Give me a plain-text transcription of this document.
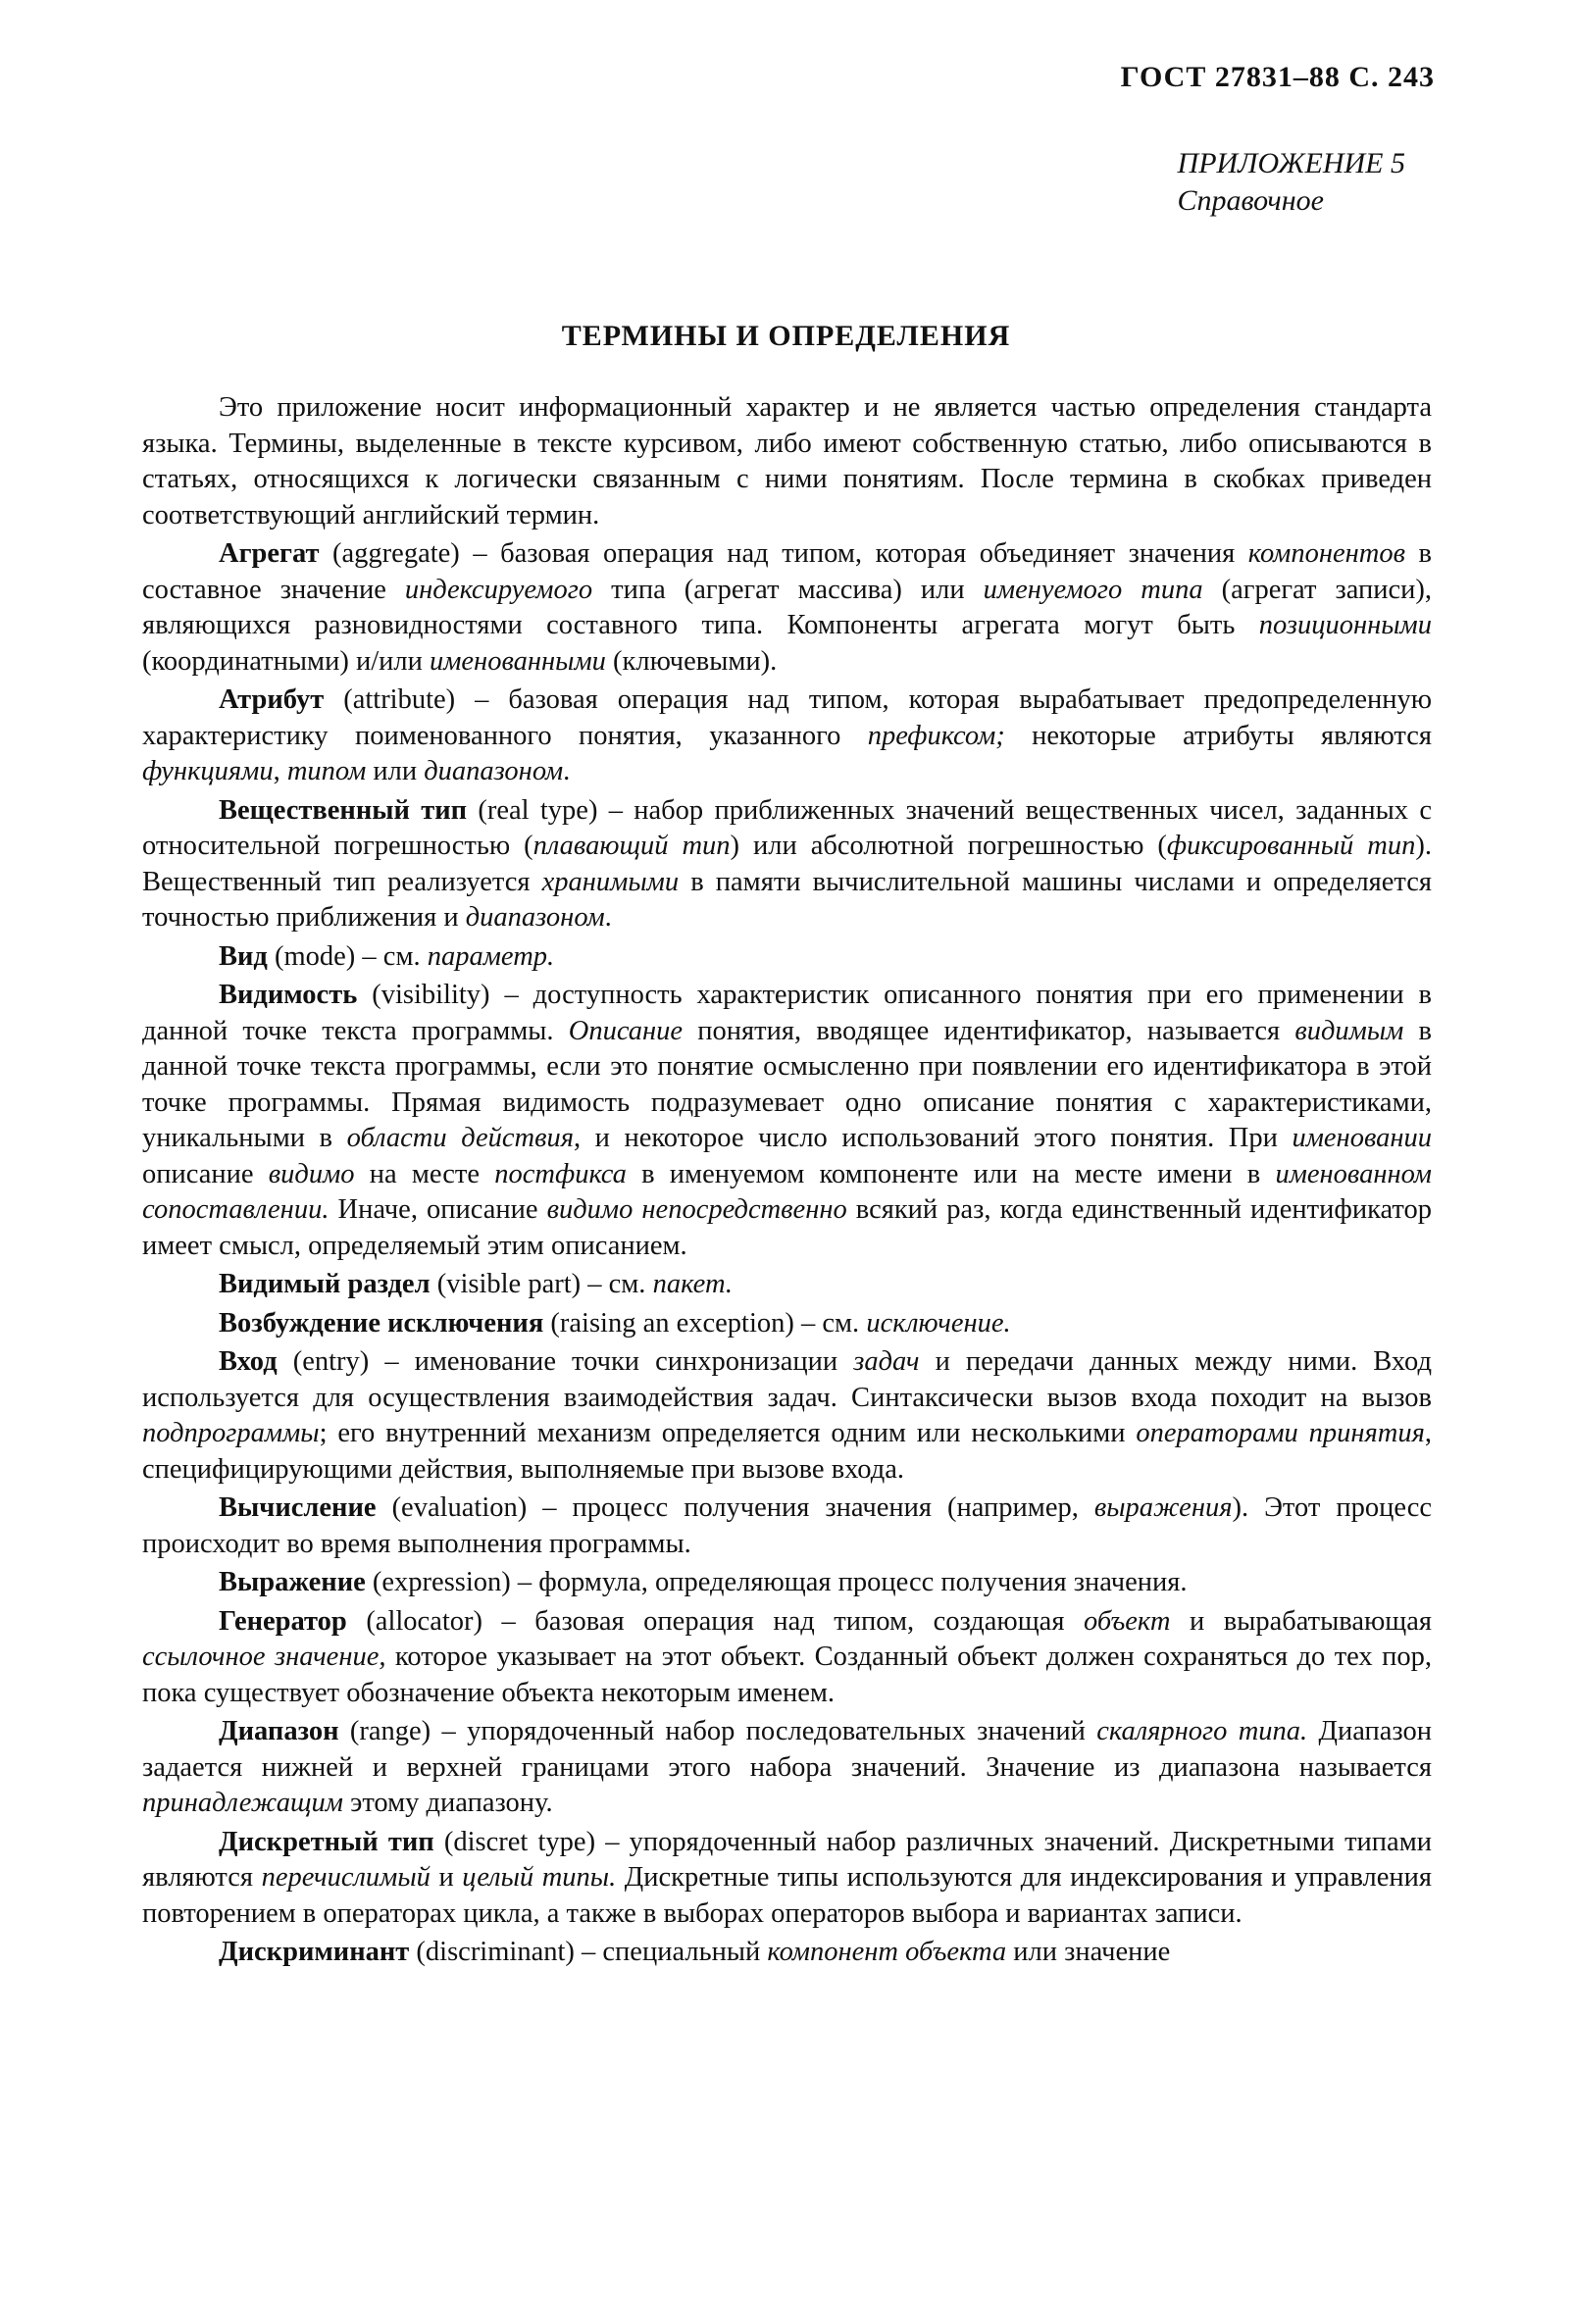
ГОСТ 27831–88 С. 243
ПРИЛОЖЕНИЕ 5
Справочное
ТЕРМИНЫ И ОПРЕДЕЛЕНИЯ

Это приложение носит информационный характер и не является частью определения стандарта языка. Термины, выделенные в тексте курсивом, либо имеют собственную статью, либо описываются в статьях, относящихся к логически связанным с ними понятиям. После термина в скобках приведен соответствующий английский термин.

Агрегат (aggregate) – базовая операция над типом, которая объединяет значения компонентов в составное значение индексируемого типа (агрегат массива) или именуемого типа (агрегат записи), являющихся разновидностями составного типа. Компоненты агрегата могут быть позиционными (координатными) и/или именованными (ключевыми).

Атрибут (attribute) – базовая операция над типом, которая вырабатывает предопределенную характеристику поименованного понятия, указанного префиксом; некоторые атрибуты являются функциями, типом или диапазоном.

Вещественный тип (real type) – набор приближенных значений вещественных чисел, заданных с относительной погрешностью (плавающий тип) или абсолютной погрешностью (фиксированный тип). Вещественный тип реализуется хранимыми в памяти вычислительной машины числами и определяется точностью приближения и диапазоном.

Вид (mode) – см. параметр.

Видимость (visibility) – доступность характеристик описанного понятия при его применении в данной точке текста программы. Описание понятия, вводящее идентификатор, называется видимым в данной точке текста программы, если это понятие осмысленно при появлении его идентификатора в этой точке программы. Прямая видимость подразумевает одно описание понятия с характеристиками, уникальными в области действия, и некоторое число использований этого понятия. При именовании описание видимо на месте постфикса в именуемом компоненте или на месте имени в именованном сопоставлении. Иначе, описание видимо непосредственно всякий раз, когда единственный идентификатор имеет смысл, определяемый этим описанием.

Видимый раздел (visible part) – см. пакет.

Возбуждение исключения (raising an exception) – см. исключение.

Вход (entry) – именование точки синхронизации задач и передачи данных между ними. Вход используется для осуществления взаимодействия задач. Синтаксически вызов входа походит на вызов подпрограммы; его внутренний механизм определяется одним или несколькими операторами принятия, специфицирующими действия, выполняемые при вызове входа.

Вычисление (evaluation) – процесс получения значения (например, выражения). Этот процесс происходит во время выполнения программы.

Выражение (expression) – формула, определяющая процесс получения значения.

Генератор (allocator) – базовая операция над типом, создающая объект и вырабатывающая ссылочное значение, которое указывает на этот объект. Созданный объект должен сохраняться до тех пор, пока существует обозначение объекта некоторым именем.

Диапазон (range) – упорядоченный набор последовательных значений скалярного типа. Диапазон задается нижней и верхней границами этого набора значений. Значение из диапазона называется принадлежащим этому диапазону.

Дискретный тип (discret type) – упорядоченный набор различных значений. Дискретными типами являются перечислимый и целый типы. Дискретные типы используются для индексирования и управления повторением в операторах цикла, а также в выборах операторов выбора и вариантах записи.

Дискриминант (discriminant) – специальный компонент объекта или значение
